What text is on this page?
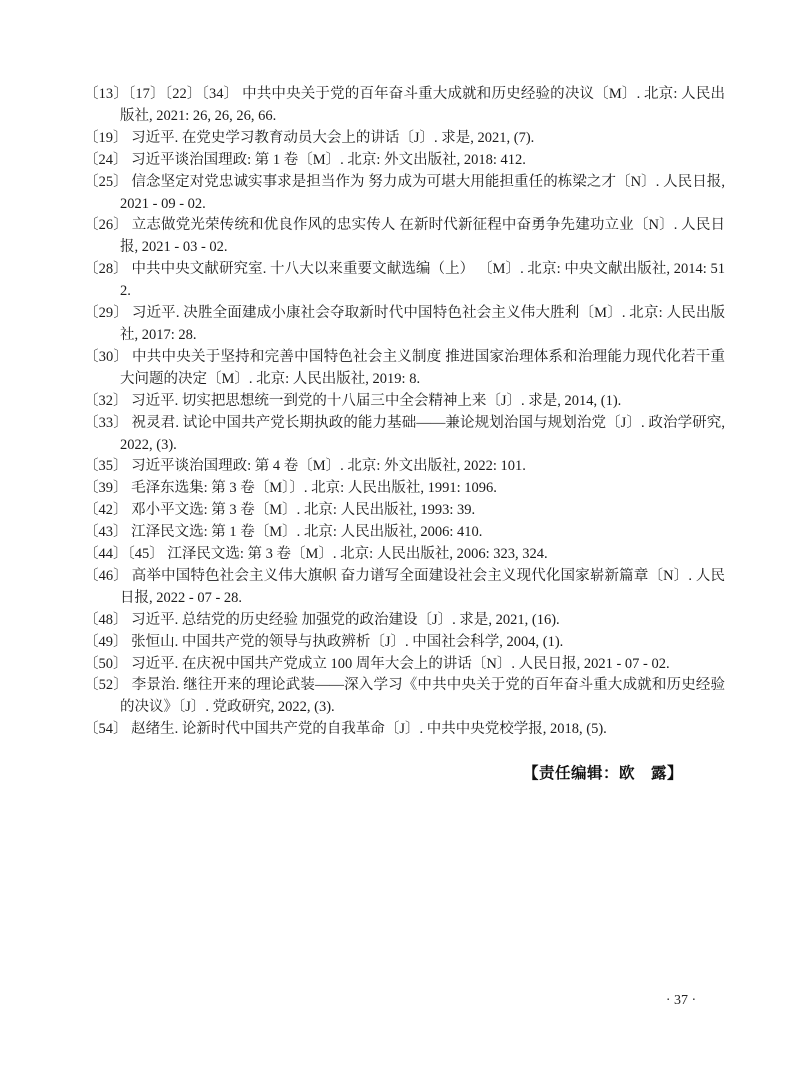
〔13〕〔17〕〔22〕〔34〕 中共中央关于党的百年奋斗重大成就和历史经验的决议〔M〕. 北京: 人民出版社, 2021: 26, 26, 26, 66.

〔19〕 习近平. 在党史学习教育动员大会上的讲话〔J〕. 求是, 2021, (7).

〔24〕 习近平谈治国理政: 第 1 卷〔M〕. 北京: 外文出版社, 2018: 412.

〔25〕 信念坚定对党忠诚实事求是担当作为 努力成为可堪大用能担重任的栋梁之才〔N〕. 人民日报, 2021 - 09 - 02.

〔26〕 立志做党光荣传统和优良作风的忠实传人 在新时代新征程中奋勇争先建功立业〔N〕. 人民日报, 2021 - 03 - 02.

〔28〕 中共中央文献研究室. 十八大以来重要文献选编（上） 〔M〕. 北京: 中央文献出版社, 2014: 512.

〔29〕 习近平. 决胜全面建成小康社会夺取新时代中国特色社会主义伟大胜利〔M〕. 北京: 人民出版社, 2017: 28.

〔30〕 中共中央关于坚持和完善中国特色社会主义制度 推进国家治理体系和治理能力现代化若干重大问题的决定〔M〕. 北京: 人民出版社, 2019: 8.

〔32〕 习近平. 切实把思想统一到党的十八届三中全会精神上来〔J〕. 求是, 2014, (1).

〔33〕 祝灵君. 试论中国共产党长期执政的能力基础——兼论规划治国与规划治党〔J〕. 政治学研究, 2022, (3).

〔35〕 习近平谈治国理政: 第 4 卷〔M〕. 北京: 外文出版社, 2022: 101.

〔39〕 毛泽东选集: 第 3 卷〔M〕〕. 北京: 人民出版社, 1991: 1096.

〔42〕 邓小平文选: 第 3 卷〔M〕. 北京: 人民出版社, 1993: 39.

〔43〕 江泽民文选: 第 1 卷〔M〕. 北京: 人民出版社, 2006: 410.

〔44〕〔45〕 江泽民文选: 第 3 卷〔M〕. 北京: 人民出版社, 2006: 323, 324.

〔46〕 高举中国特色社会主义伟大旗帜 奋力谱写全面建设社会主义现代化国家崭新篇章〔N〕. 人民日报, 2022 - 07 - 28.

〔48〕 习近平. 总结党的历史经验 加强党的政治建设〔J〕. 求是, 2021, (16).

〔49〕 张恒山. 中国共产党的领导与执政辨析〔J〕. 中国社会科学, 2004, (1).

〔50〕 习近平. 在庆祝中国共产党成立 100 周年大会上的讲话〔N〕. 人民日报, 2021 - 07 - 02.

〔52〕 李景治. 继往开来的理论武装——深入学习《中共中央关于党的百年奋斗重大成就和历史经验的决议》〔J〕. 党政研究, 2022, (3).

〔54〕 赵绪生. 论新时代中国共产党的自我革命〔J〕. 中共中央党校学报, 2018, (5).

【责任编辑：欧　露】
· 37 ·
